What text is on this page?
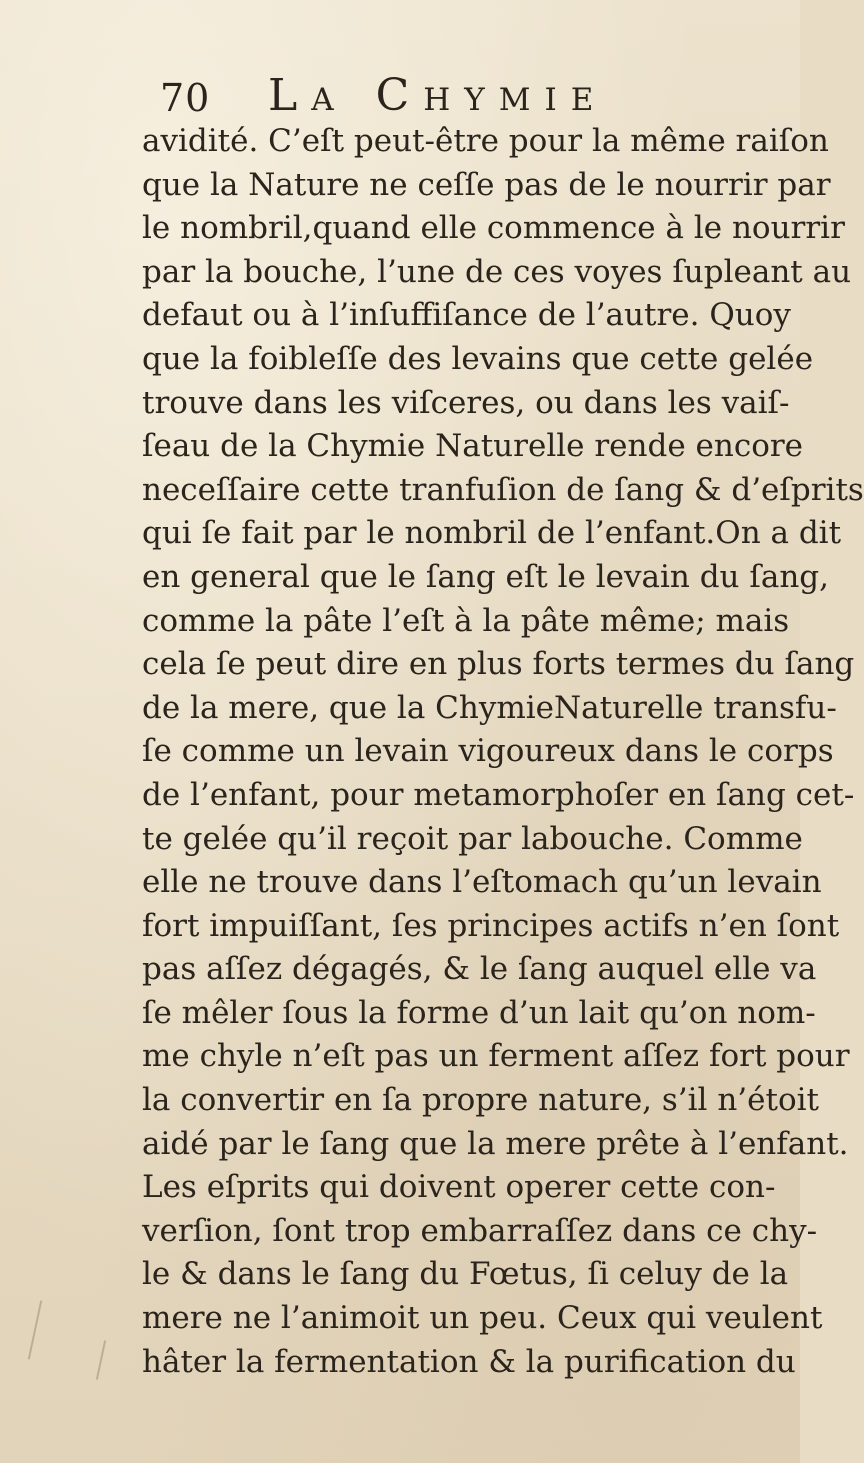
70 La Chymie
avidité. C’eſt peut-être pour la même raiſon
que la Nature ne ceſſe pas de le nourrir par
le nombril,quand elle commence à le nourrir
par la bouche, l’une de ces voyes ſupleant au
defaut ou à l’inſuffiſance de l’autre. Quoy
que la foibleſſe des levains que cette gelée
trouve dans les viſceres, ou dans les vaiſ-
ſeau de la Chymie Naturelle rende encore
neceſſaire cette tranfuſion de ſang & d’eſprits
qui ſe fait par le nombril de l’enfant.On a dit
en general que le ſang eſt le levain du ſang,
comme la pâte l’eſt à la pâte même; mais
cela ſe peut dire en plus forts termes du ſang
de la mere, que la ChymieNaturelle transfu-
ſe comme un levain vigoureux dans le corps
de l’enfant, pour metamorphoſer en ſang cet-
te gelée qu’il reçoit par labouche. Comme
elle ne trouve dans l’eſtomach qu’un levain
fort impuiſſant, ſes principes actifs n’en ſont
pas aſſez dégagés, & le ſang auquel elle va
ſe mêler ſous la forme d’un lait qu’on nom-
me chyle n’eſt pas un ferment aſſez fort pour
la convertir en ſa propre nature, s’il n’étoit
aidé par le ſang que la mere prête à l’enfant.
Les eſprits qui doivent operer cette con-
verſion, ſont trop embarraſſez dans ce chy-
le & dans le ſang du Fœtus, ſi celuy de la
mere ne l’animoit un peu. Ceux qui veulent
hâter la fermentation & la purification du
